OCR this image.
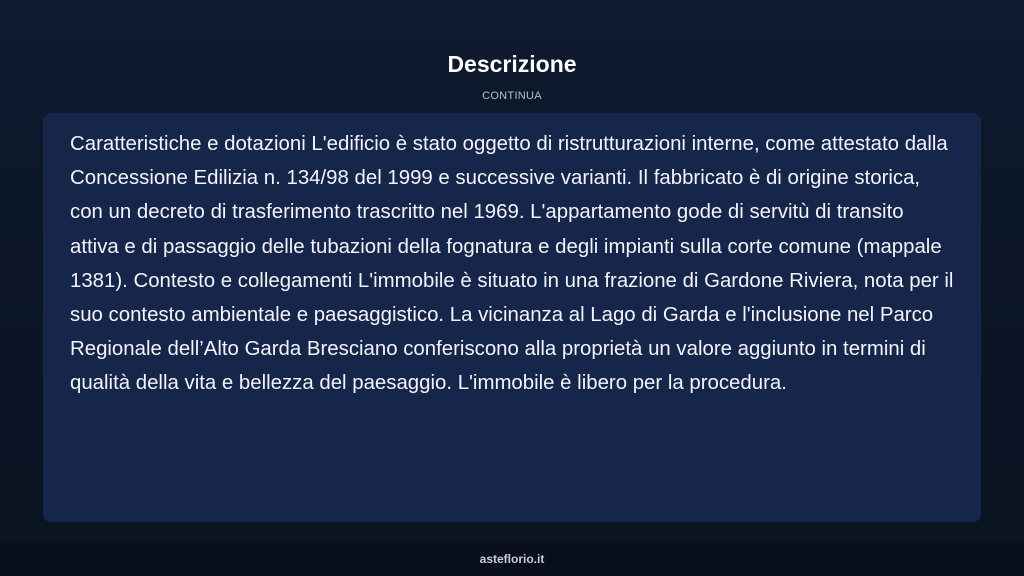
Descrizione
CONTINUA

Caratteristiche e dotazioni L'edificio è stato oggetto di ristrutturazioni interne, come attestato dalla Concessione Edilizia n. 134/98 del 1999 e successive varianti. Il fabbricato è di origine storica, con un decreto di trasferimento trascritto nel 1969. L'appartamento gode di servitù di transito attiva e di passaggio delle tubazioni della fognatura e degli impianti sulla corte comune (mappale 1381). Contesto e collegamenti L'immobile è situato in una frazione di Gardone Riviera, nota per il suo contesto ambientale e paesaggistico. La vicinanza al Lago di Garda e l'inclusione nel Parco Regionale dell’Alto Garda Bresciano conferiscono alla proprietà un valore aggiunto in termini di qualità della vita e bellezza del paesaggio. L'immobile è libero per la procedura.

asteflorio.it
